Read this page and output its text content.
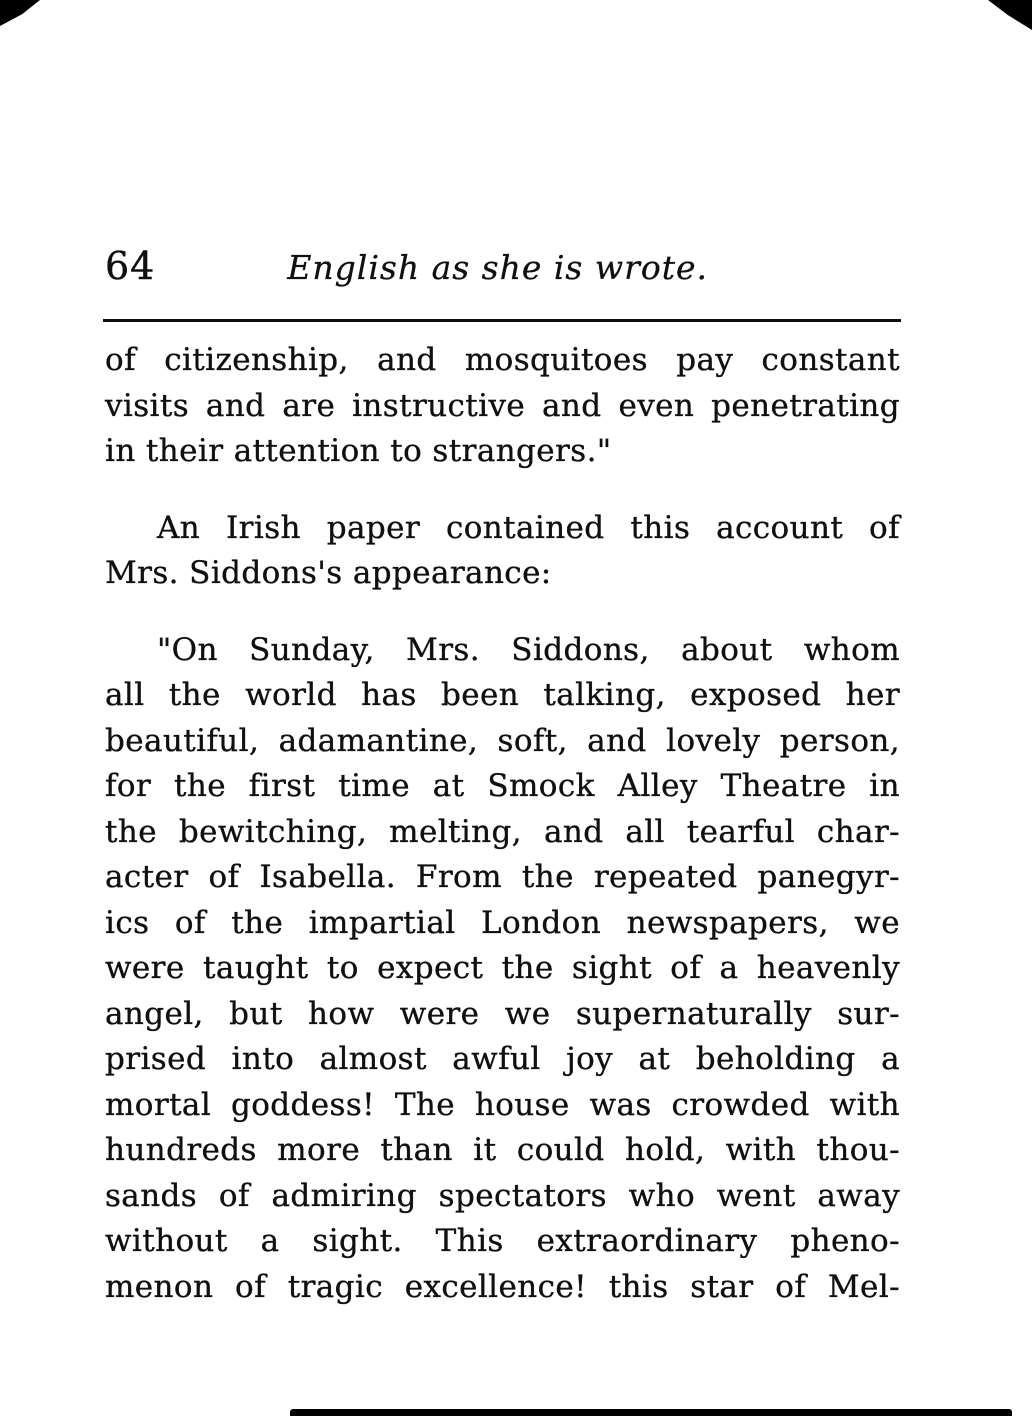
64	English as she is wrote.

of citizenship, and mosquitoes pay constant
visits and are instructive and even penetrating
in their attention to strangers."

An Irish paper contained this account of
Mrs. Siddons's appearance:

"On Sunday, Mrs. Siddons, about whom
all the world has been talking, exposed her
beautiful, adamantine, soft, and lovely person,
for the first time at Smock Alley Theatre in
the bewitching, melting, and all tearful char-
acter of Isabella. From the repeated panegyr-
ics of the impartial London newspapers, we
were taught to expect the sight of a heavenly
angel, but how were we supernaturally sur-
prised into almost awful joy at beholding a
mortal goddess! The house was crowded with
hundreds more than it could hold, with thou-
sands of admiring spectators who went away
without a sight. This extraordinary pheno-
menon of tragic excellence! this star of Mel-
